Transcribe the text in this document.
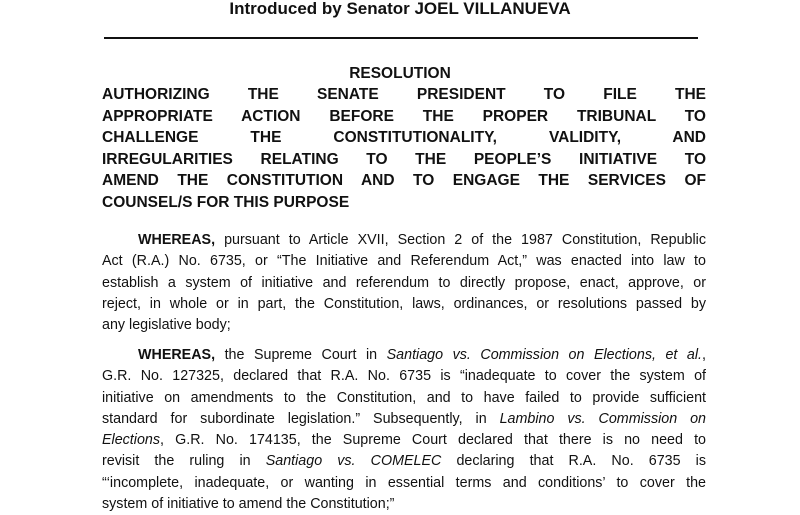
Introduced by Senator JOEL VILLANUEVA
RESOLUTION
AUTHORIZING THE SENATE PRESIDENT TO FILE THE
APPROPRIATE ACTION BEFORE THE PROPER TRIBUNAL TO
CHALLENGE THE CONSTITUTIONALITY, VALIDITY, AND
IRREGULARITIES RELATING TO THE PEOPLE’S INITIATIVE TO
AMEND THE CONSTITUTION AND TO ENGAGE THE SERVICES OF
COUNSEL/S FOR THIS PURPOSE
WHEREAS, pursuant to Article XVII, Section 2 of the 1987 Constitution, Republic
Act (R.A.) No. 6735, or “The Initiative and Referendum Act,” was enacted into law to
establish a system of initiative and referendum to directly propose, enact, approve, or
reject, in whole or in part, the Constitution, laws, ordinances, or resolutions passed by
any legislative body;
WHEREAS, the Supreme Court in Santiago vs. Commission on Elections, et al.,
G.R. No. 127325, declared that R.A. No. 6735 is “inadequate to cover the system of
initiative on amendments to the Constitution, and to have failed to provide sufficient
standard for subordinate legislation.” Subsequently, in Lambino vs. Commission on
Elections, G.R. No. 174135, the Supreme Court declared that there is no need to
revisit the ruling in Santiago vs. COMELEC declaring that R.A. No. 6735 is
“‘incomplete, inadequate, or wanting in essential terms and conditions’ to cover the
system of initiative to amend the Constitution;”
